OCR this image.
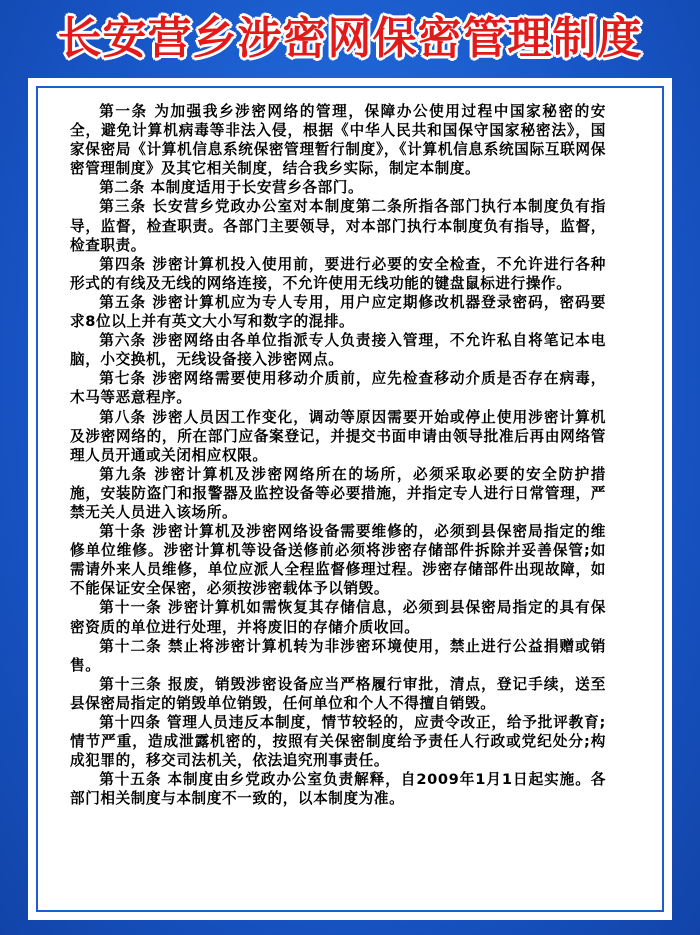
长安营乡涉密网保密管理制度

第一条 为加强我乡涉密网络的管理，保障办公使用过程中国家秘密的安全，避免计算机病毒等非法入侵，根据《中华人民共和国保守国家秘密法》，国家保密局《计算机信息系统保密管理暂行制度》，《计算机信息系统国际互联网保密管理制度》及其它相关制度，结合我乡实际，制定本制度。

第二条 本制度适用于长安营乡各部门。

第三条 长安营乡党政办公室对本制度第二条所指各部门执行本制度负有指导，监督，检查职责。各部门主要领导，对本部门执行本制度负有指导，监督，检查职责。

第四条 涉密计算机投入使用前，要进行必要的安全检查，不允许进行各种形式的有线及无线的网络连接，不允许使用无线功能的键盘鼠标进行操作。

第五条 涉密计算机应为专人专用，用户应定期修改机器登录密码，密码要求8位以上并有英文大小写和数字的混排。

第六条 涉密网络由各单位指派专人负责接入管理，不允许私自将笔记本电脑，小交换机，无线设备接入涉密网点。

第七条 涉密网络需要使用移动介质前，应先检查移动介质是否存在病毒，木马等恶意程序。

第八条 涉密人员因工作变化，调动等原因需要开始或停止使用涉密计算机及涉密网络的，所在部门应备案登记，并提交书面申请由领导批准后再由网络管理人员开通或关闭相应权限。

第九条 涉密计算机及涉密网络所在的场所，必须采取必要的安全防护措施，安装防盗门和报警器及监控设备等必要措施，并指定专人进行日常管理，严禁无关人员进入该场所。

第十条 涉密计算机及涉密网络设备需要维修的，必须到县保密局指定的维修单位维修。涉密计算机等设备送修前必须将涉密存储部件拆除并妥善保管;如需请外来人员维修，单位应派人全程监督修理过程。涉密存储部件出现故障，如不能保证安全保密，必须按涉密载体予以销毁。

第十一条 涉密计算机如需恢复其存储信息，必须到县保密局指定的具有保密资质的单位进行处理，并将废旧的存储介质收回。

第十二条 禁止将涉密计算机转为非涉密环境使用，禁止进行公益捐赠或销售。

第十三条 报废，销毁涉密设备应当严格履行审批，清点，登记手续，送至县保密局指定的销毁单位销毁，任何单位和个人不得擅自销毁。

第十四条 管理人员违反本制度，情节较轻的，应责令改正，给予批评教育;情节严重，造成泄露机密的，按照有关保密制度给予责任人行政或党纪处分;构成犯罪的，移交司法机关，依法追究刑事责任。

第十五条 本制度由乡党政办公室负责解释，自2009年1月1日起实施。各部门相关制度与本制度不一致的，以本制度为准。
